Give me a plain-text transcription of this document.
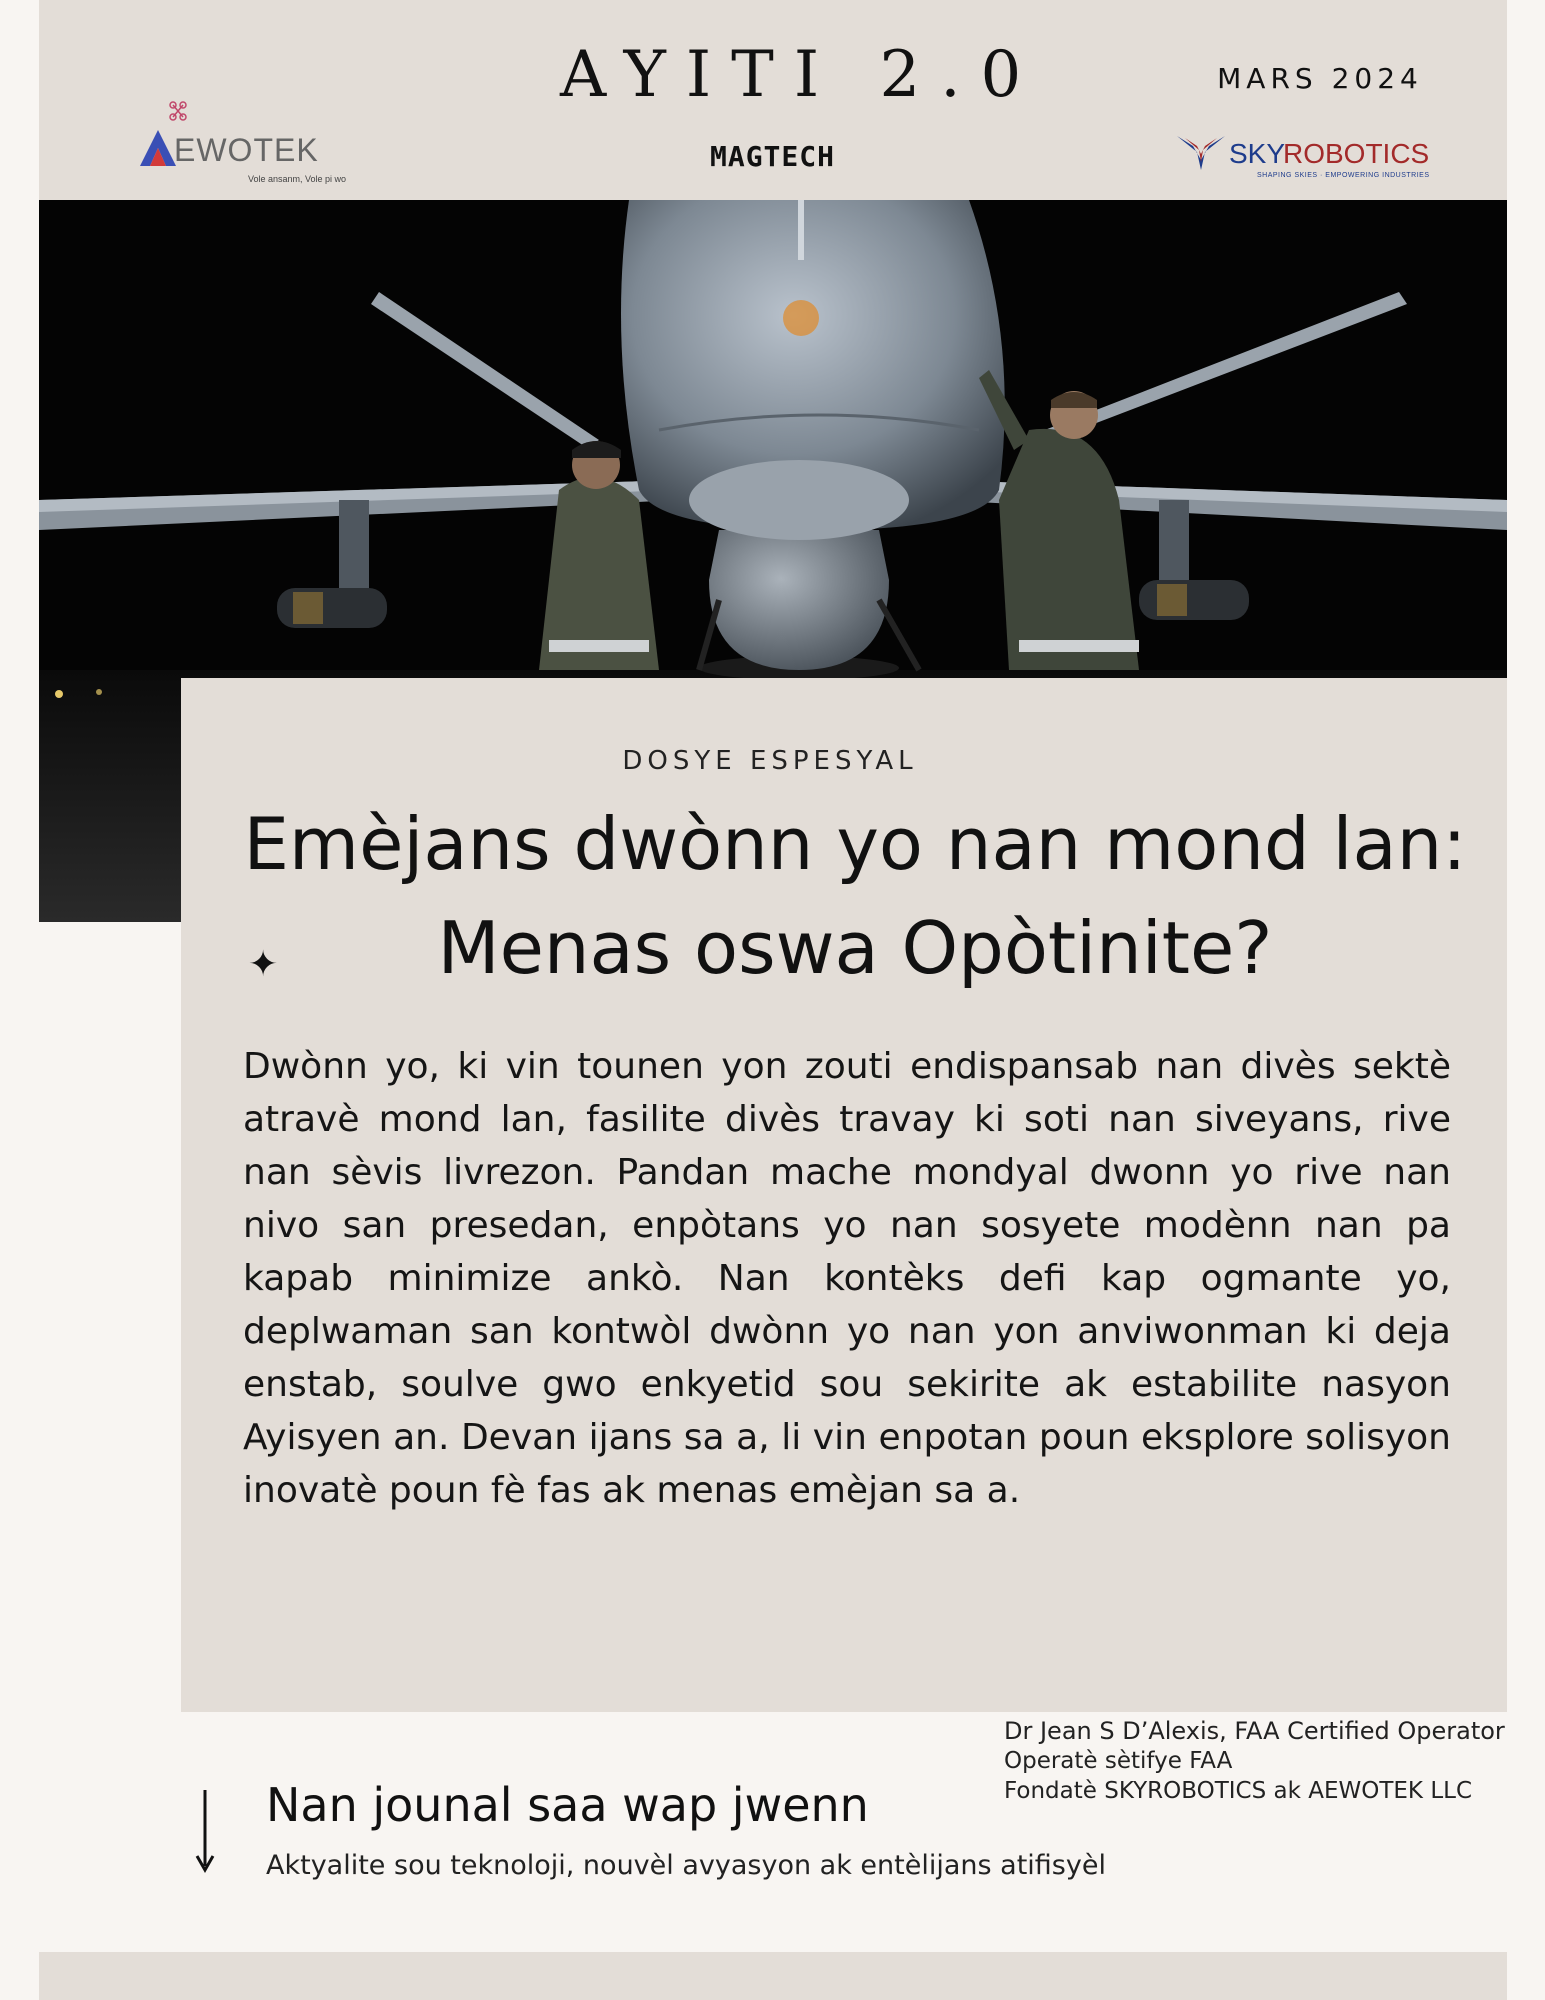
AYITI 2.0
MAGTECH
MARS 2024
EWOTEK
Vole ansanm, Vole pi wo
SKY
ROBOTICS
SHAPING SKIES · EMPOWERING INDUSTRIES
DOSYE ESPESYAL
Emèjans dwònn yo nan mond lan:
Menas oswa Opòtinite?
✦

Dwònn yo, ki vin tounen yon zouti endispansab nan divès sektè atravè mond lan, fasilite divès travay ki soti nan siveyans, rive nan sèvis livrezon. Pandan mache mondyal dwonn yo rive nan nivo san presedan, enpòtans yo nan sosyete modènn nan pa kapab minimize ankò. Nan kontèks defi kap ogmante yo, deplwaman san kontwòl dwònn yo nan yon anviwonman ki deja enstab, soulve gwo enkyetid sou sekirite ak estabilite nasyon Ayisyen an. Devan ijans sa a, li vin enpotan poun eksplore solisyon inovatè poun fè fas ak menas emèjan sa a.

Dr Jean S D’Alexis, FAA Certified Operator
Operatè sètifye FAA
Fondatè SKYROBOTICS ak AEWOTEK LLC
Nan jounal saa wap jwenn
Aktyalite sou teknoloji, nouvèl avyasyon ak entèlijans atifisyèl
